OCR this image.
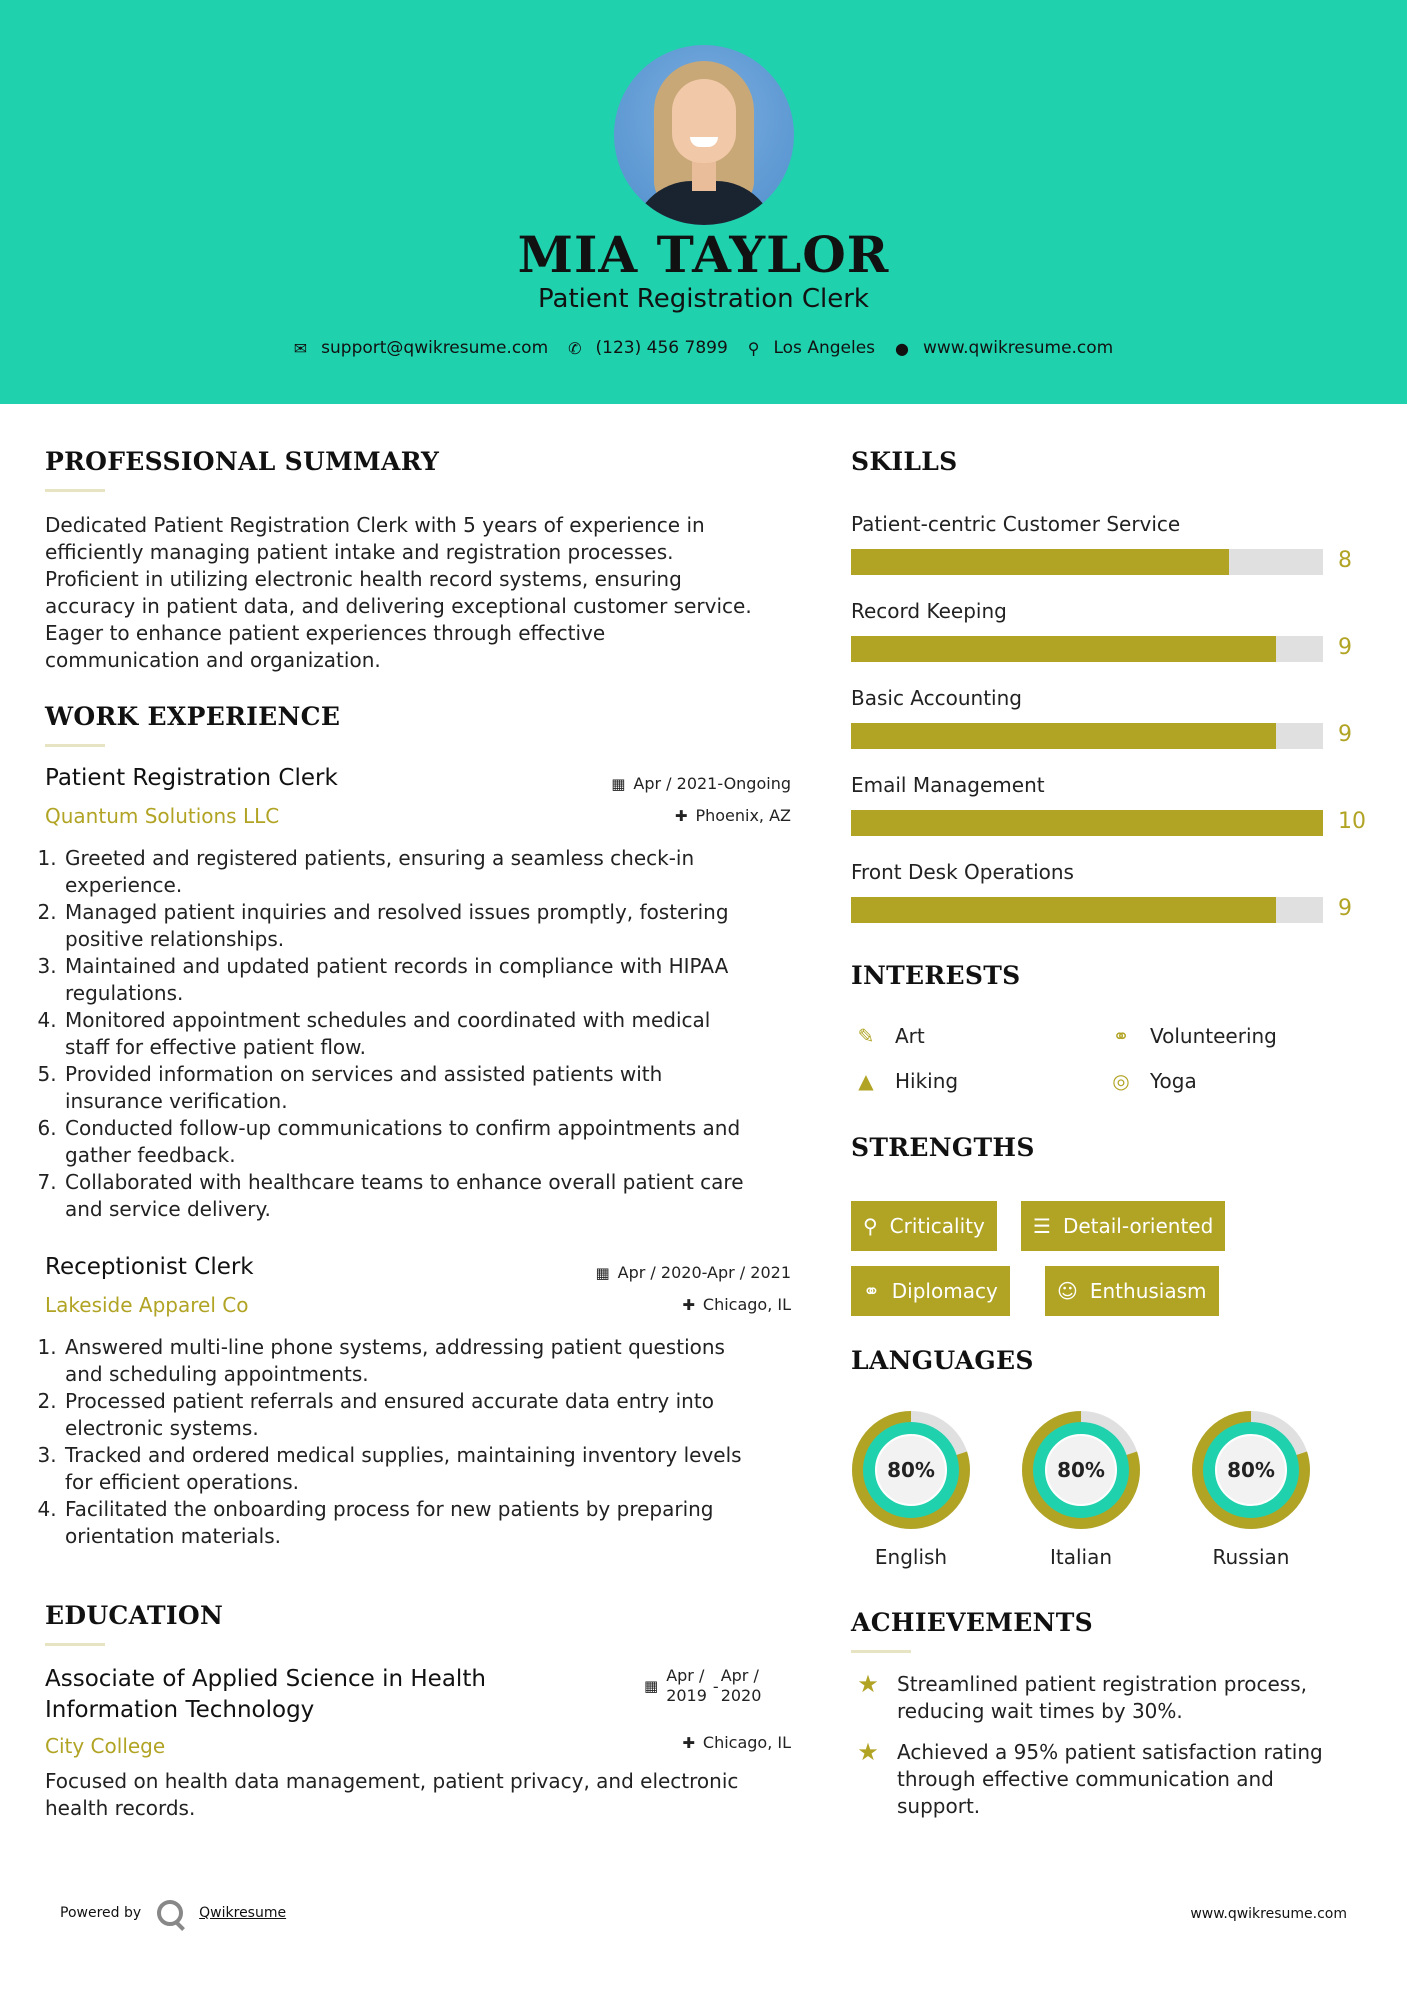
MIA TAYLOR
Patient Registration Clerk
✉ support@qwikresume.com ✆ (123) 456 7899 ⚲ Los Angeles ● www.qwikresume.com
PROFESSIONAL SUMMARY
Dedicated Patient Registration Clerk with 5 years of experience in
efficiently managing patient intake and registration processes.
Proficient in utilizing electronic health record systems, ensuring
accuracy in patient data, and delivering exceptional customer service.
Eager to enhance patient experiences through effective
communication and organization.
WORK EXPERIENCE
Patient Registration Clerk	▦ Apr / 2021-Ongoing
Quantum Solutions LLC	✚ Phoenix, AZ
1. Greeted and registered patients, ensuring a seamless check-in
experience.
2. Managed patient inquiries and resolved issues promptly, fostering
positive relationships.
3. Maintained and updated patient records in compliance with HIPAA
regulations.
4. Monitored appointment schedules and coordinated with medical
staff for effective patient flow.
5. Provided information on services and assisted patients with
insurance verification.
6. Conducted follow-up communications to confirm appointments and
gather feedback.
7. Collaborated with healthcare teams to enhance overall patient care
and service delivery.
Receptionist Clerk	▦ Apr / 2020-Apr / 2021
Lakeside Apparel Co	✚ Chicago, IL
1. Answered multi-line phone systems, addressing patient questions
and scheduling appointments.
2. Processed patient referrals and ensured accurate data entry into
electronic systems.
3. Tracked and ordered medical supplies, maintaining inventory levels
for efficient operations.
4. Facilitated the onboarding process for new patients by preparing
orientation materials.
EDUCATION
Associate of Applied Science in Health
Information Technology
▦
Apr /
2019 -
Apr /
2020
City College	✚ Chicago, IL
Focused on health data management, patient privacy, and electronic
health records.
SKILLS
Patient-centric Customer Service
8
Record Keeping
9
Basic Accounting
9
Email Management
10
Front Desk Operations
9
INTERESTS
✎	Art	⚭	Volunteering
▲	Hiking	◎	Yoga
STRENGTHS
⚲ Criticality ☰ Detail-oriented
⚭ Diplomacy	☺ Enthusiasm
LANGUAGES
80%
English
80%
Italian
80%
Russian
ACHIEVEMENTS
★ Streamlined patient registration process,
reducing wait times by 30%.
★ Achieved a 95% patient satisfaction rating
through effective communication and
support.
Powered by	Qwikresume	www.qwikresume.com
